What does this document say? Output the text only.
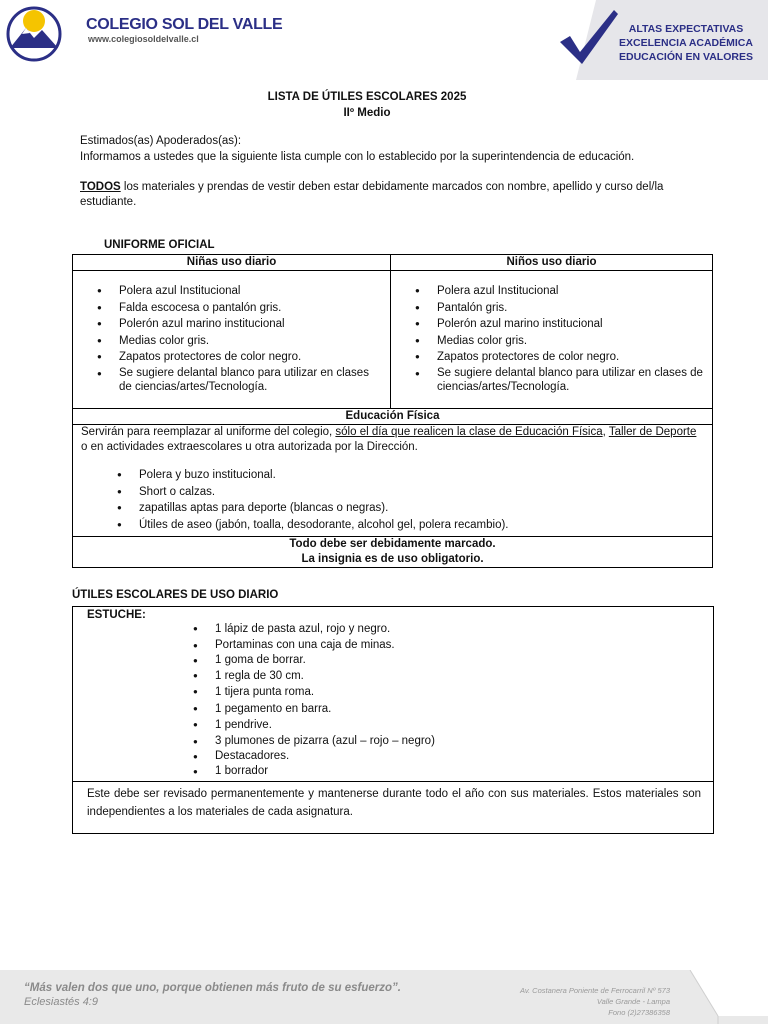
COLEGIO SOL DEL VALLE
www.colegiosoldelvalle.cl
ALTAS EXPECTATIVAS
EXCELENCIA ACADÉMICA
EDUCACIÓN EN VALORES
LISTA DE ÚTILES ESCOLARES 2025
IIº Medio
Estimados(as) Apoderados(as):
Informamos a ustedes que la siguiente lista cumple con lo establecido por la superintendencia de educación.
TODOS los materiales y prendas de vestir deben estar debidamente marcados con nombre, apellido y curso del/la estudiante.
UNIFORME OFICIAL
Niñas uso diario	Niños uso diario
● Polera azul Institucional
● Falda escocesa o pantalón gris.
● Polerón azul marino institucional
● Medias color gris.
● Zapatos protectores de color negro.
● Se sugiere delantal blanco para utilizar en clases de ciencias/artes/Tecnología.
● Polera azul Institucional
● Pantalón gris.
● Polerón azul marino institucional
● Medias color gris.
● Zapatos protectores de color negro.
● Se sugiere delantal blanco para utilizar en clases de ciencias/artes/Tecnología.
Educación Física
Servirán para reemplazar al uniforme del colegio, sólo el día que realicen la clase de Educación Física, Taller de Deporte o en actividades extraescolares u otra autorizada por la Dirección.
● Polera y buzo institucional.
● Short o calzas.
● zapatillas aptas para deporte (blancas o negras).
● Útiles de aseo (jabón, toalla, desodorante, alcohol gel, polera recambio).
Todo debe ser debidamente marcado.
La insignia es de uso obligatorio.
ÚTILES ESCOLARES DE USO DIARIO
ESTUCHE:
● 1 lápiz de pasta azul, rojo y negro.
● Portaminas con una caja de minas.
● 1 goma de borrar.
● 1 regla de 30 cm.
● 1 tijera punta roma.
● 1 pegamento en barra.
● 1 pendrive.
● 3 plumones de pizarra (azul – rojo – negro)
● Destacadores.
● 1 borrador
Este debe ser revisado permanentemente y mantenerse durante todo el año con sus materiales. Estos materiales son independientes a los materiales de cada asignatura.
“Más valen dos que uno, porque obtienen más fruto de su esfuerzo”.
Eclesiastés 4:9
Av. Costanera Poniente de Ferrocarril Nº 573
Valle Grande - Lampa
Fono (2)27386358
